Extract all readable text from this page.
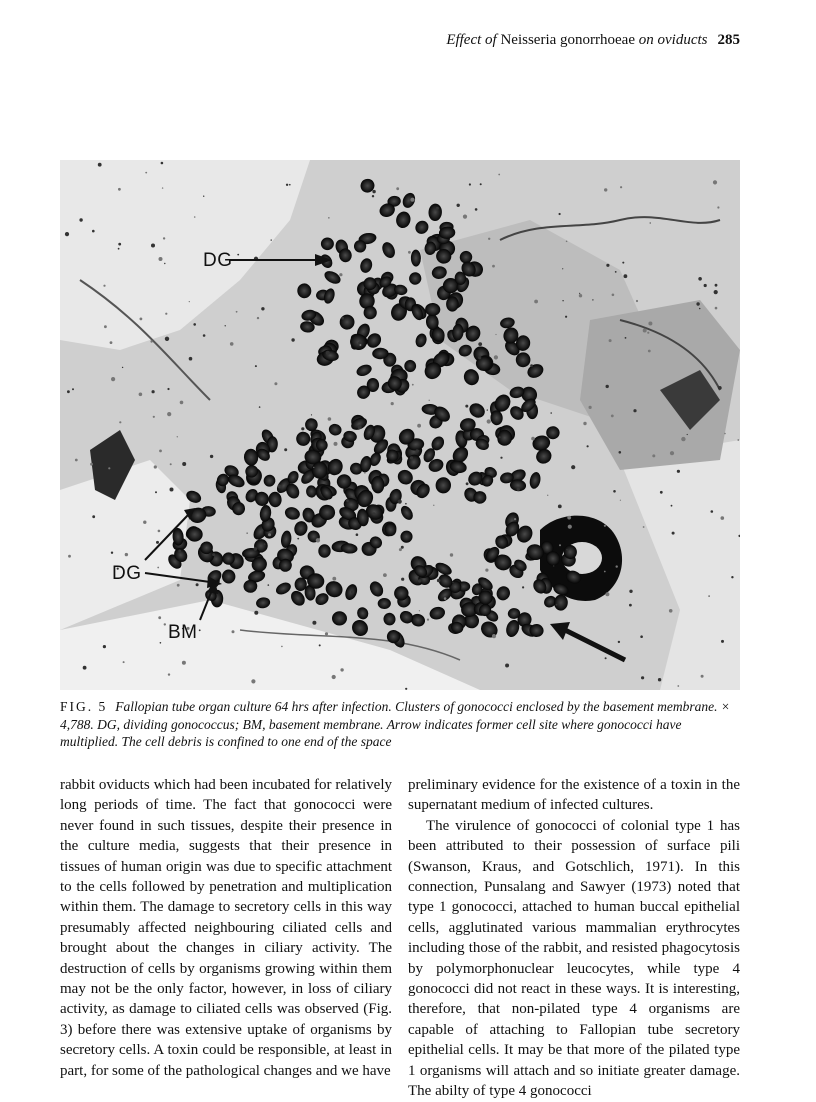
Effect of Neisseria gonorrhoeae on oviducts 285
DG
DG
BM
FIG. 5 Fallopian tube organ culture 64 hrs after infection. Clusters of gonococci enclosed by the basement membrane. × 4,788. DG, dividing gonococcus; BM, basement membrane. Arrow indicates former cell site where gonococci have multiplied. The cell debris is confined to one end of the space

rabbit oviducts which had been incubated for relatively long periods of time. The fact that gonococci were never found in such tissues, despite their presence in the culture media, suggests that their presence in tissues of human origin was due to specific attachment to the cells followed by penetration and multiplication within them. The damage to secretory cells in this way presumably affected neighbouring ciliated cells and brought about the changes in ciliary activity. The destruction of cells by organisms growing within them may not be the only factor, however, in loss of ciliary activity, as damage to ciliated cells was observed (Fig. 3) before there was extensive uptake of organisms by secretory cells. A toxin could be responsible, at least in part, for some of the pathological changes and we have

preliminary evidence for the existence of a toxin in the supernatant medium of infected cultures.

The virulence of gonococci of colonial type 1 has been attributed to their possession of surface pili (Swanson, Kraus, and Gotschlich, 1971). In this connection, Punsalang and Sawyer (1973) noted that type 1 gonococci, attached to human buccal epithelial cells, agglutinated various mammalian erythrocytes including those of the rabbit, and resisted phagocytosis by polymorphonuclear leucocytes, while type 4 gonococci did not react in these ways. It is interesting, therefore, that non-pilated type 4 organisms are capable of attaching to Fallopian tube secretory epithelial cells. It may be that more of the pilated type 1 organisms will attach and so initiate greater damage. The abilty of type 4 gonococci
